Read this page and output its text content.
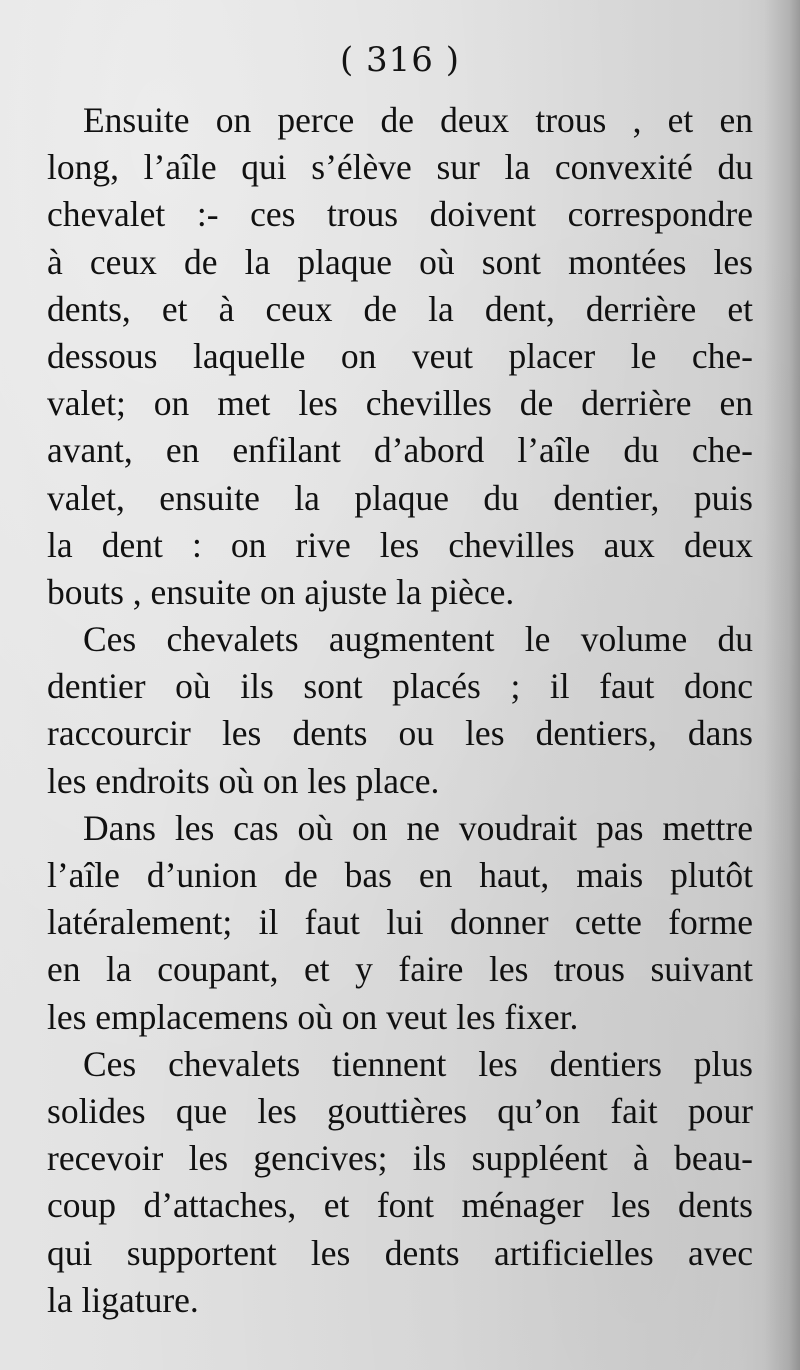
( 316 )

Ensuite on perce de deux trous , et en
long, l’aîle qui s’élève sur la convexité du
chevalet :- ces trous doivent correspondre
à ceux de la plaque où sont montées les
dents, et à ceux de la dent, derrière et
dessous laquelle on veut placer le che-
valet; on met les chevilles de derrière en
avant, en enfilant d’abord l’aîle du che-
valet, ensuite la plaque du dentier, puis
la dent : on rive les chevilles aux deux
bouts , ensuite on ajuste la pièce.
Ces chevalets augmentent le volume du
dentier où ils sont placés ; il faut donc
raccourcir les dents ou les dentiers, dans
les endroits où on les place.
Dans les cas où on ne voudrait pas mettre
l’aîle d’union de bas en haut, mais plutôt
latéralement; il faut lui donner cette forme
en la coupant, et y faire les trous suivant
les emplacemens où on veut les fixer.
Ces chevalets tiennent les dentiers plus
solides que les gouttières qu’on fait pour
recevoir les gencives; ils suppléent à beau-
coup d’attaches, et font ménager les dents
qui supportent les dents artificielles avec
la ligature.
